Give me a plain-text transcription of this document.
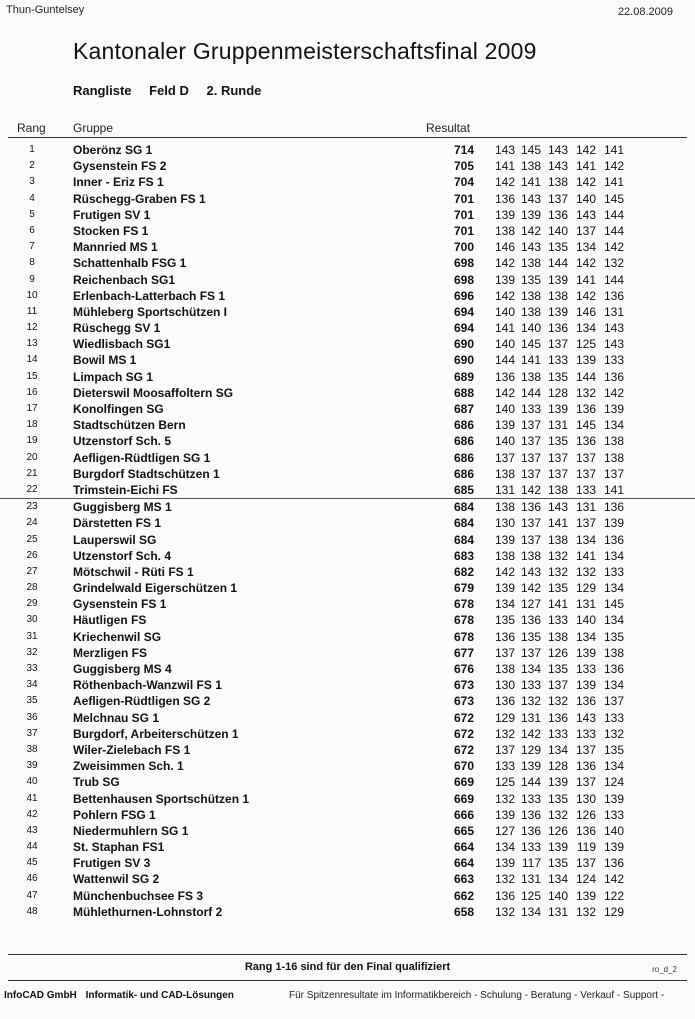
Thun-Guntelsey	22.08.2009
Kantonaler Gruppenmeisterschaftsfinal 2009
Rangliste Feld D 2. Runde
Rang Gruppe	Resultat
1	Oberönz SG 1	714	143 145 143 142 141
2	Gysenstein FS 2	705	141 138 143 141 142
3	Inner - Eriz FS 1	704	142 141 138 142 141
4	Rüschegg-Graben FS 1	701	136 143 137 140 145
5	Frutigen SV 1	701	139 139 136 143 144
6	Stocken FS 1	701	138 142 140 137 144
7	Mannried MS 1	700	146 143 135 134 142
8	Schattenhalb FSG 1	698	142 138 144 142 132
9	Reichenbach SG1	698	139 135 139 141 144
10	Erlenbach-Latterbach FS 1	696	142 138 138 142 136
11	Mühleberg Sportschützen I	694	140 138 139 146 131
12	Rüschegg SV 1	694	141 140 136 134 143
13	Wiedlisbach SG1	690	140 145 137 125 143
14	Bowil MS 1	690	144 141 133 139 133
15	Limpach SG 1	689	136 138 135 144 136
16	Dieterswil Moosaffoltern SG	688	142 144 128 132 142
17	Konolfingen SG	687	140 133 139 136 139
18	Stadtschützen Bern	686	139 137 131 145 134
19	Utzenstorf Sch. 5	686	140 137 135 136 138
20	Aefligen-Rüdtligen SG 1	686	137 137 137 137 138
21	Burgdorf Stadtschützen 1	686	138 137 137 137 137
22	Trimstein-Eichi FS	685	131 142 138 133 141
23	Guggisberg MS 1	684	138 136 143 131 136
24	Därstetten FS 1	684	130 137 141 137 139
25	Lauperswil SG	684	139 137 138 134 136
26	Utzenstorf Sch. 4	683	138 138 132 141 134
27	Mötschwil - Rüti FS 1	682	142 143 132 132 133
28	Grindelwald Eigerschützen 1	679	139 142 135 129 134
29	Gysenstein FS 1	678	134 127 141 131 145
30	Häutligen FS	678	135 136 133 140 134
31	Kriechenwil SG	678	136 135 138 134 135
32	Merzligen FS	677	137 137 126 139 138
33	Guggisberg MS 4	676	138 134 135 133 136
34	Röthenbach-Wanzwil FS 1	673	130 133 137 139 134
35	Aefligen-Rüdtligen SG 2	673	136 132 132 136 137
36	Melchnau SG 1	672	129 131 136 143 133
37	Burgdorf, Arbeiterschützen 1	672	132 142 133 133 132
38	Wiler-Zielebach FS 1	672	137 129 134 137 135
39	Zweisimmen Sch. 1	670	133 139 128 136 134
40	Trub SG	669	125 144 139 137 124
41	Bettenhausen Sportschützen 1	669	132 133 135 130 139
42	Pohlern FSG 1	666	139 136 132 126 133
43	Niedermuhlern SG 1	665	127 136 126 136 140
44	St. Staphan FS1	664	134 133 139 119 139
45	Frutigen SV 3	664	139 117 135 137 136
46	Wattenwil SG 2	663	132 131 134 124 142
47	Münchenbuchsee FS 3	662	136 125 140 139 122
48	Mühlethurnen-Lohnstorf 2	658	132 134 131 132 129
Rang 1-16 sind für den Final qualifiziert	ro_d_2
InfoCAD GmbH Informatik- und CAD-Lösungen	Für Spitzenresultate im Informatikbereich - Schulung - Beratung - Verkauf - Support -
